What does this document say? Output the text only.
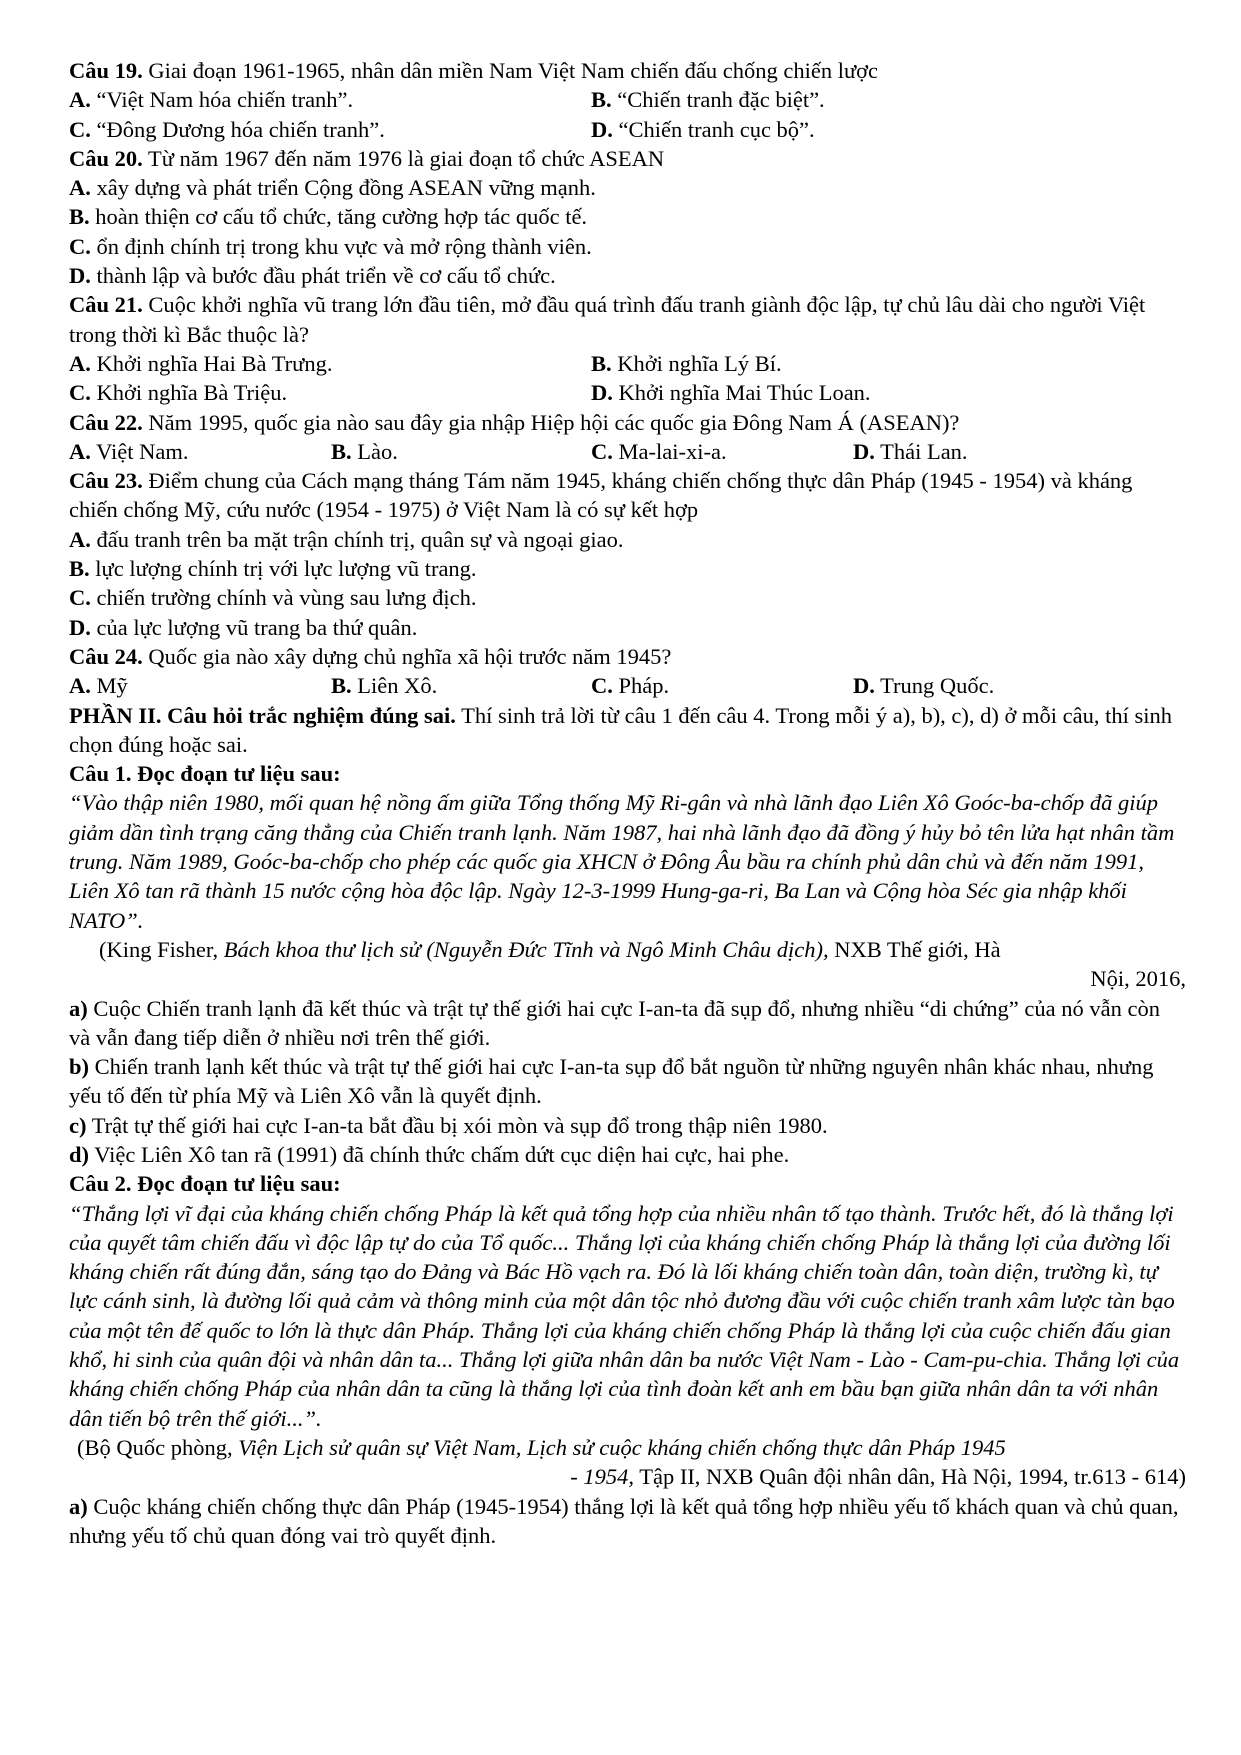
Câu 19. Giai đoạn 1961-1965, nhân dân miền Nam Việt Nam chiến đấu chống chiến lược
A. “Việt Nam hóa chiến tranh”.	B. “Chiến tranh đặc biệt”.
C. “Đông Dương hóa chiến tranh”.	D. “Chiến tranh cục bộ”.
Câu 20. Từ năm 1967 đến năm 1976 là giai đoạn tổ chức ASEAN
A. xây dựng và phát triển Cộng đồng ASEAN vững mạnh.
B. hoàn thiện cơ cấu tổ chức, tăng cường hợp tác quốc tế.
C. ổn định chính trị trong khu vực và mở rộng thành viên.
D. thành lập và bước đầu phát triển về cơ cấu tổ chức.

Câu 21. Cuộc khởi nghĩa vũ trang lớn đầu tiên, mở đầu quá trình đấu tranh giành độc lập, tự chủ lâu dài cho người Việt trong thời kì Bắc thuộc là?

A. Khởi nghĩa Hai Bà Trưng.	B. Khởi nghĩa Lý Bí.
C. Khởi nghĩa Bà Triệu.	D. Khởi nghĩa Mai Thúc Loan.
Câu 22. Năm 1995, quốc gia nào sau đây gia nhập Hiệp hội các quốc gia Đông Nam Á (ASEAN)?
A. Việt Nam.	B. Lào.	C. Ma-lai-xi-a.	D. Thái Lan.

Câu 23. Điểm chung của Cách mạng tháng Tám năm 1945, kháng chiến chống thực dân Pháp (1945 - 1954) và kháng chiến chống Mỹ, cứu nước (1954 - 1975) ở Việt Nam là có sự kết hợp

A. đấu tranh trên ba mặt trận chính trị, quân sự và ngoại giao.
B. lực lượng chính trị với lực lượng vũ trang.
C. chiến trường chính và vùng sau lưng địch.
D. của lực lượng vũ trang ba thứ quân.
Câu 24. Quốc gia nào xây dựng chủ nghĩa xã hội trước năm 1945?
A. Mỹ	B. Liên Xô.	C. Pháp.	D. Trung Quốc.

PHẦN II. Câu hỏi trắc nghiệm đúng sai. Thí sinh trả lời từ câu 1 đến câu 4. Trong mỗi ý a), b), c), d) ở mỗi câu, thí sinh chọn đúng hoặc sai.

Câu 1. Đọc đoạn tư liệu sau:

“Vào thập niên 1980, mối quan hệ nồng ấm giữa Tổng thống Mỹ Ri-gân và nhà lãnh đạo Liên Xô Goóc-ba-chốp đã giúp giảm dần tình trạng căng thẳng của Chiến tranh lạnh. Năm 1987, hai nhà lãnh đạo đã đồng ý hủy bỏ tên lửa hạt nhân tầm trung. Năm 1989, Goóc-ba-chốp cho phép các quốc gia XHCN ở Đông Âu bầu ra chính phủ dân chủ và đến năm 1991, Liên Xô tan rã thành 15 nước cộng hòa độc lập. Ngày 12-3-1999 Hung-ga-ri, Ba Lan và Cộng hòa Séc gia nhập khối NATO”.

(King Fisher, Bách khoa thư lịch sử (Nguyễn Đức Tĩnh và Ngô Minh Châu dịch), NXB Thế giới, Hà
Nội, 2016,

a) Cuộc Chiến tranh lạnh đã kết thúc và trật tự thế giới hai cực I-an-ta đã sụp đổ, nhưng nhiều “di chứng” của nó vẫn còn và vẫn đang tiếp diễn ở nhiều nơi trên thế giới.

b) Chiến tranh lạnh kết thúc và trật tự thế giới hai cực I-an-ta sụp đổ bắt nguồn từ những nguyên nhân khác nhau, nhưng yếu tố đến từ phía Mỹ và Liên Xô vẫn là quyết định.

c) Trật tự thế giới hai cực I-an-ta bắt đầu bị xói mòn và sụp đổ trong thập niên 1980.
d) Việc Liên Xô tan rã (1991) đã chính thức chấm dứt cục diện hai cực, hai phe.
Câu 2. Đọc đoạn tư liệu sau:

“Thắng lợi vĩ đại của kháng chiến chống Pháp là kết quả tổng hợp của nhiều nhân tố tạo thành. Trước hết, đó là thắng lợi của quyết tâm chiến đấu vì độc lập tự do của Tổ quốc... Thắng lợi của kháng chiến chống Pháp là thắng lợi của đường lối kháng chiến rất đúng đắn, sáng tạo do Đảng và Bác Hồ vạch ra. Đó là lối kháng chiến toàn dân, toàn diện, trường kì, tự lực cánh sinh, là đường lối quả cảm và thông minh của một dân tộc nhỏ đương đầu với cuộc chiến tranh xâm lược tàn bạo của một tên đế quốc to lớn là thực dân Pháp. Thắng lợi của kháng chiến chống Pháp là thắng lợi của cuộc chiến đấu gian khổ, hi sinh của quân đội và nhân dân ta... Thắng lợi giữa nhân dân ba nước Việt Nam - Lào - Cam-pu-chia. Thắng lợi của kháng chiến chống Pháp của nhân dân ta cũng là thắng lợi của tình đoàn kết anh em bầu bạn giữa nhân dân ta với nhân dân tiến bộ trên thế giới...”.

(Bộ Quốc phòng, Viện Lịch sử quân sự Việt Nam, Lịch sử cuộc kháng chiến chống thực dân Pháp 1945
- 1954, Tập II, NXB Quân đội nhân dân, Hà Nội, 1994, tr.613 - 614)

a) Cuộc kháng chiến chống thực dân Pháp (1945-1954) thắng lợi là kết quả tổng hợp nhiều yếu tố khách quan và chủ quan, nhưng yếu tố chủ quan đóng vai trò quyết định.
